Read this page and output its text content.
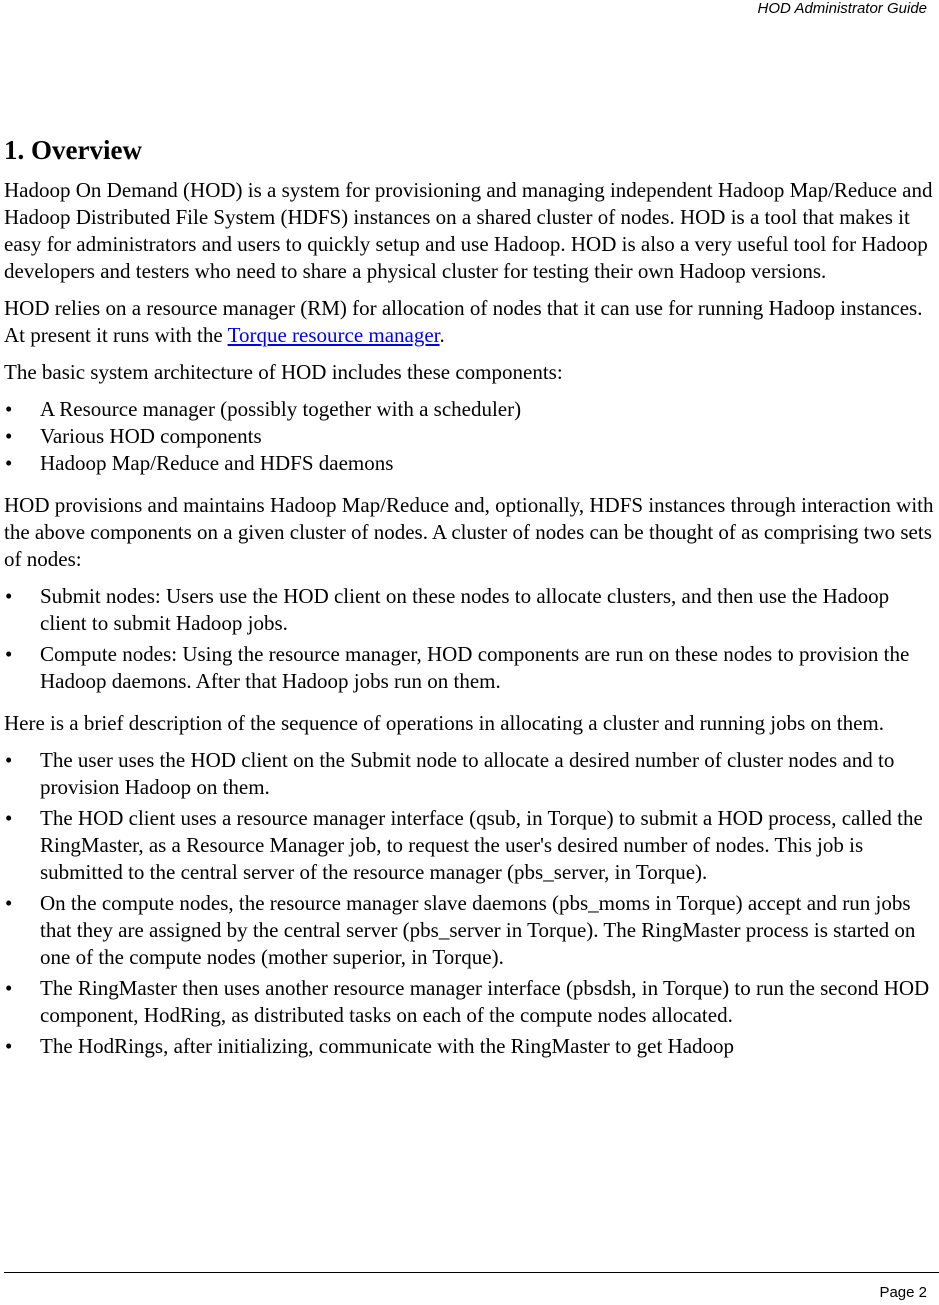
HOD Administrator Guide
1. Overview

Hadoop On Demand (HOD) is a system for provisioning and managing independent Hadoop Map/Reduce and Hadoop Distributed File System (HDFS) instances on a shared cluster of nodes. HOD is a tool that makes it easy for administrators and users to quickly setup and use Hadoop. HOD is also a very useful tool for Hadoop developers and testers who need to share a physical cluster for testing their own Hadoop versions.

HOD relies on a resource manager (RM) for allocation of nodes that it can use for running Hadoop instances. At present it runs with the Torque resource manager.

The basic system architecture of HOD includes these components:

• A Resource manager (possibly together with a scheduler)
• Various HOD components
• Hadoop Map/Reduce and HDFS daemons

HOD provisions and maintains Hadoop Map/Reduce and, optionally, HDFS instances through interaction with the above components on a given cluster of nodes. A cluster of nodes can be thought of as comprising two sets of nodes:

• Submit nodes: Users use the HOD client on these nodes to allocate clusters, and then use the Hadoop client to submit Hadoop jobs.
• Compute nodes: Using the resource manager, HOD components are run on these nodes to provision the Hadoop daemons. After that Hadoop jobs run on them.

Here is a brief description of the sequence of operations in allocating a cluster and running jobs on them.

• The user uses the HOD client on the Submit node to allocate a desired number of cluster nodes and to provision Hadoop on them.
• The HOD client uses a resource manager interface (qsub, in Torque) to submit a HOD process, called the RingMaster, as a Resource Manager job, to request the user's desired number of nodes. This job is submitted to the central server of the resource manager (pbs_server, in Torque).
• On the compute nodes, the resource manager slave daemons (pbs_moms in Torque) accept and run jobs that they are assigned by the central server (pbs_server in Torque). The RingMaster process is started on one of the compute nodes (mother superior, in Torque).
• The RingMaster then uses another resource manager interface (pbsdsh, in Torque) to run the second HOD component, HodRing, as distributed tasks on each of the compute nodes allocated.
• The HodRings, after initializing, communicate with the RingMaster to get Hadoop
Page 2
